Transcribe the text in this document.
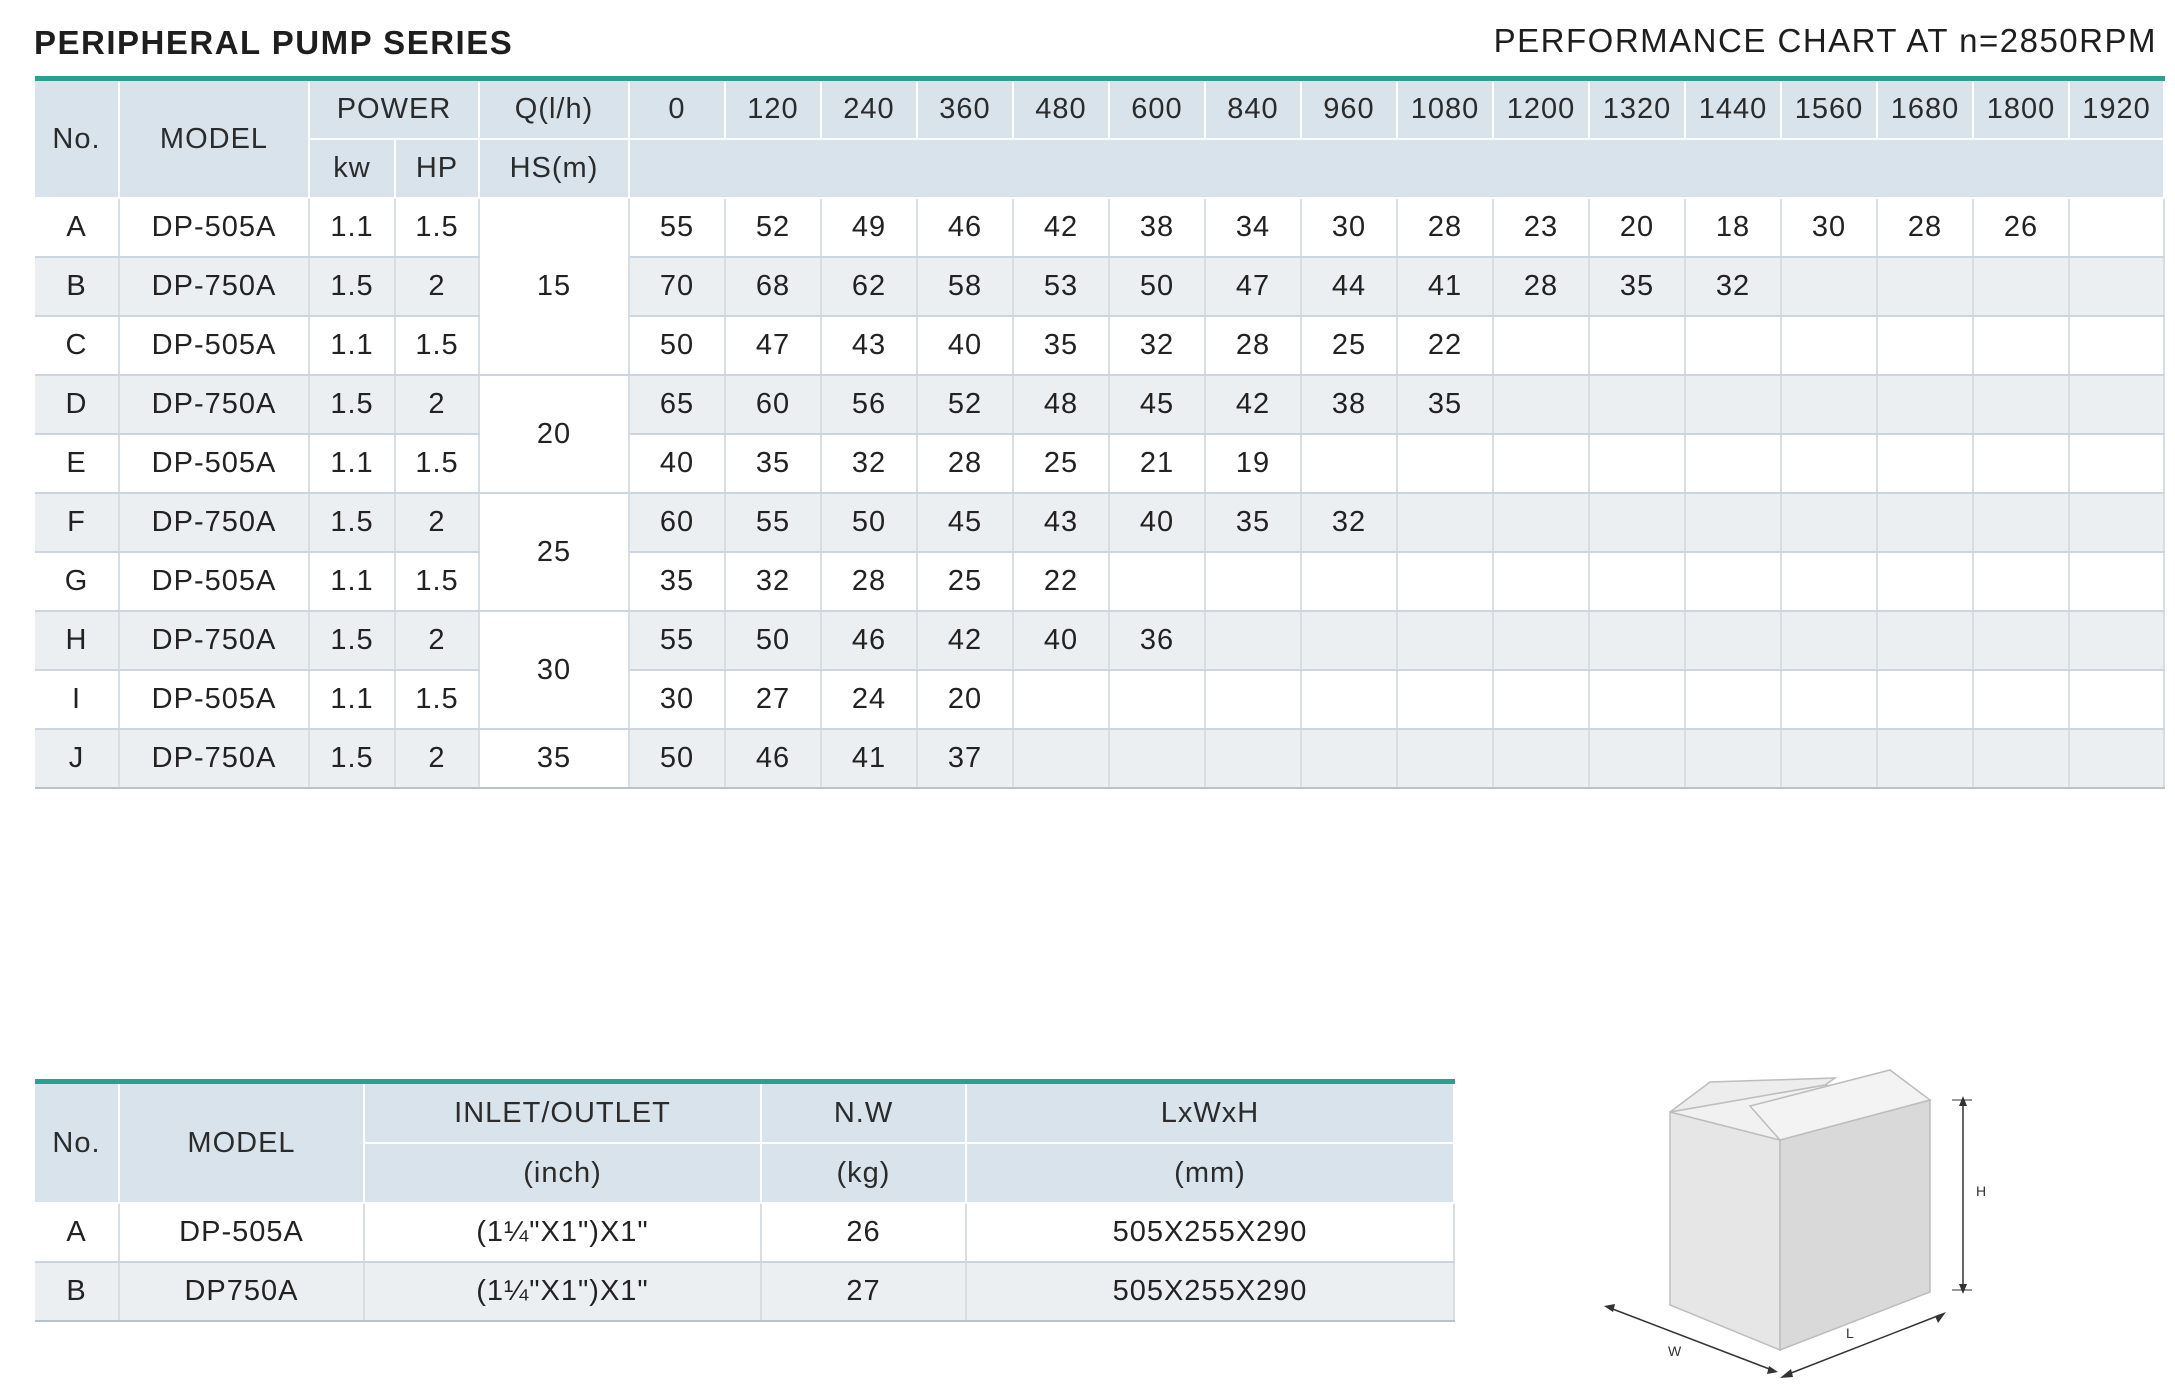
PERIPHERAL PUMP SERIES	PERFORMANCE CHART AT n=2850RPM
No.	MODEL	POWER		Q(l/h)	0	120	240	360	480	600	840	960	1080	1200	1320	1440	1560	1680	1800	1920
		kw	HP	HS(m)																
A	DP-505A	1.1	1.5	15	55	52	49	46	42	38	34	30	28	23	20	18	30	28	26	
B	DP-750A	1.5	2		70	68	62	58	53	50	47	44	41	28	35	32				
C	DP-505A	1.1	1.5		50	47	43	40	35	32	28	25	22							
D	DP-750A	1.5	2	20	65	60	56	52	48	45	42	38	35							
E	DP-505A	1.1	1.5		40	35	32	28	25	21	19									
F	DP-750A	1.5	2	25	60	55	50	45	43	40	35	32								
G	DP-505A	1.1	1.5		35	32	28	25	22											
H	DP-750A	1.5	2	30	55	50	46	42	40	36										
I	DP-505A	1.1	1.5		30	27	24	20												
J	DP-750A	1.5	2	35	50	46	41	37												
No.	MODEL	INLET/OUTLET	N.W	LxWxH
		(inch)	(kg)	(mm)
A	DP-505A	(1¼"X1")X1"	26	505X255X290
B	DP750A	(1¼"X1")X1"	27	505X255X290
H
W
L
